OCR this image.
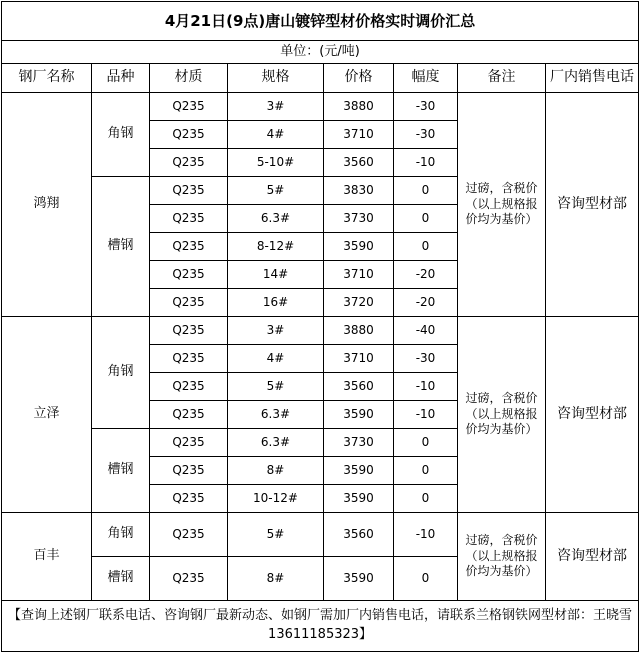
4月21日(9点)唐山镀锌型材价格实时调价汇总							
单位：(元/吨)							
钢厂名称	品种	材质	规格	价格	幅度	备注	厂内销售电话
鸿翔	角钢	Q235	3#	3880	-30	过磅，含税价（以上规格报价均为基价）	咨询型材部
		Q235	4#	3710	-30		
		Q235	5-10#	3560	-10		
	槽钢	Q235	5#	3830	0		
		Q235	6.3#	3730	0		
		Q235	8-12#	3590	0		
		Q235	14#	3710	-20		
		Q235	16#	3720	-20		
立泽	角钢	Q235	3#	3880	-40	过磅，含税价（以上规格报价均为基价）	咨询型材部
		Q235	4#	3710	-30		
		Q235	5#	3560	-10		
		Q235	6.3#	3590	-10		
	槽钢	Q235	6.3#	3730	0		
		Q235	8#	3590	0		
		Q235	10-12#	3590	0		
百丰	角钢	Q235	5#	3560	-10	过磅，含税价（以上规格报价均为基价）	咨询型材部
	槽钢	Q235	8#	3590	0		
【查询上述钢厂联系电话、咨询钢厂最新动态、如钢厂需加厂内销售电话，请联系兰格钢铁网型材部：王晓雪13611185323】							
